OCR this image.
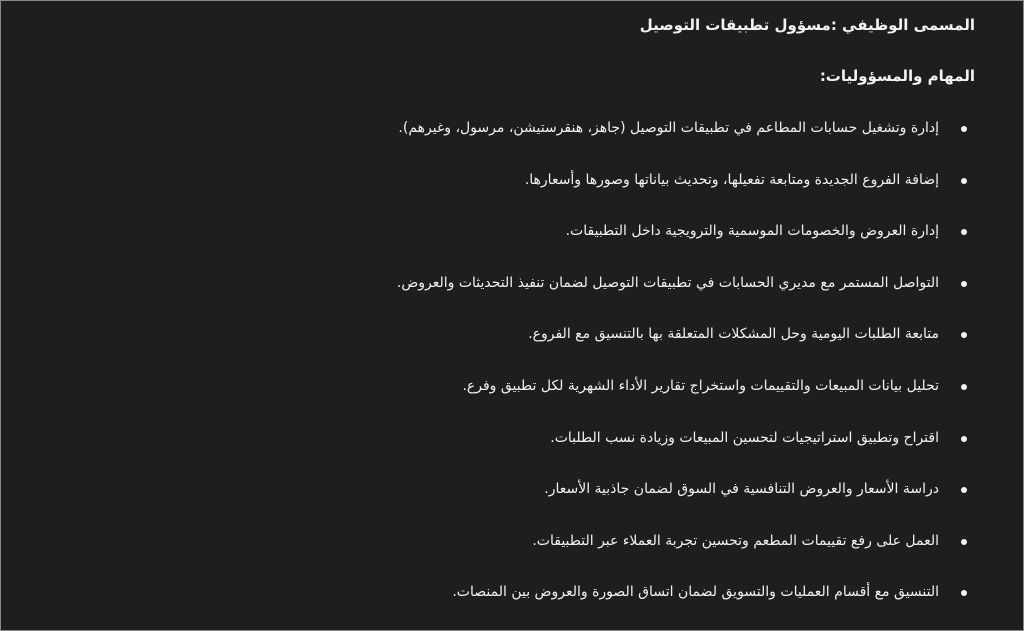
المسمى الوظيفي :مسؤول تطبيقات التوصيل
المهام والمسؤوليات:
إدارة وتشغيل حسابات المطاعم في تطبيقات التوصيل (جاهز، هنقرستيشن، مرسول، وغيرهم).
إضافة الفروع الجديدة ومتابعة تفعيلها، وتحديث بياناتها وصورها وأسعارها.
إدارة العروض والخصومات الموسمية والترويجية داخل التطبيقات.
التواصل المستمر مع مديري الحسابات في تطبيقات التوصيل لضمان تنفيذ التحديثات والعروض.
متابعة الطلبات اليومية وحل المشكلات المتعلقة بها بالتنسيق مع الفروع.
تحليل بيانات المبيعات والتقييمات واستخراج تقارير الأداء الشهرية لكل تطبيق وفرع.
اقتراح وتطبيق استراتيجيات لتحسين المبيعات وزيادة نسب الطلبات.
دراسة الأسعار والعروض التنافسية في السوق لضمان جاذبية الأسعار.
العمل على رفع تقييمات المطعم وتحسين تجربة العملاء عبر التطبيقات.
التنسيق مع أقسام العمليات والتسويق لضمان اتساق الصورة والعروض بين المنصات.
